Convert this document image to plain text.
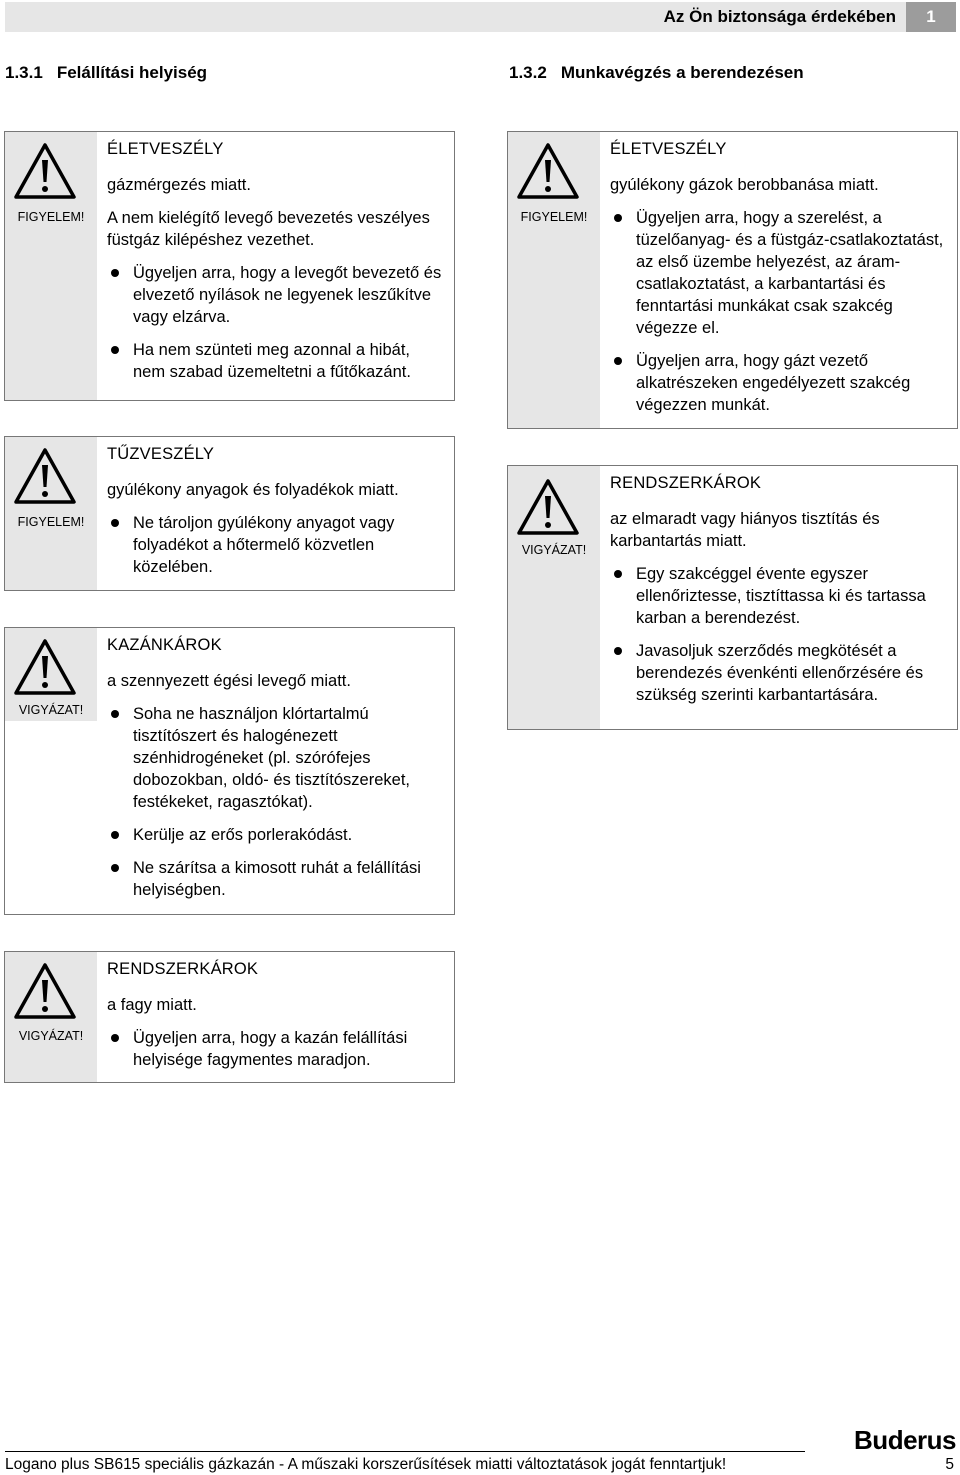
Az Ön biztonsága érdekében	1
1.3.1 Felállítási helyiség	1.3.2 Munkavégzés a berendezésen
FIGYELEM!
ÉLETVESZÉLY
gázmérgezés miatt.
A nem kielégítő levegő bevezetés veszélyes füstgáz kilépéshez vezethet.
Ügyeljen arra, hogy a levegőt bevezető és elvezető nyílások ne legyenek leszűkítve vagy elzárva.
Ha nem szünteti meg azonnal a hibát, nem szabad üzemeltetni a fűtőkazánt.
FIGYELEM!
TŰZVESZÉLY
gyúlékony anyagok és folyadékok miatt.
Ne tároljon gyúlékony anyagot vagy folyadékot a hőtermelő közvetlen közelében.
VIGYÁZAT!
KAZÁNKÁROK
a szennyezett égési levegő miatt.
Soha ne használjon klórtartalmú tisztítószert és halogénezett szénhidrogéneket (pl. szórófejes dobozokban, oldó- és tisztítószereket, festékeket, ragasztókat).
Kerülje az erős porlerakódást.
Ne szárítsa a kimosott ruhát a felállítási helyiségben.
VIGYÁZAT!
RENDSZERKÁROK
a fagy miatt.
Ügyeljen arra, hogy a kazán felállítási helyisége fagymentes maradjon.
FIGYELEM!
ÉLETVESZÉLY
gyúlékony gázok berobbanása miatt.
Ügyeljen arra, hogy a szerelést, a tüzelőanyag- és a füstgáz-csatlakoztatást, az első üzembe helyezést, az áram-csatlakoztatást, a karbantartási és fenntartási munkákat csak szakcég végezze el.
Ügyeljen arra, hogy gázt vezető alkatrészeken engedélyezett szakcég végezzen munkát.
VIGYÁZAT!
RENDSZERKÁROK
az elmaradt vagy hiányos tisztítás és karbantartás miatt.
Egy szakcéggel évente egyszer ellenőriztesse, tisztíttassa ki és tartassa karban a berendezést.
Javasoljuk szerződés megkötését a berendezés évenkénti ellenőrzésére és szükség szerinti karbantartására.
Buderus
Logano plus SB615 speciális gázkazán - A műszaki korszerűsítések miatti változtatások jogát fenntartjuk!	5
